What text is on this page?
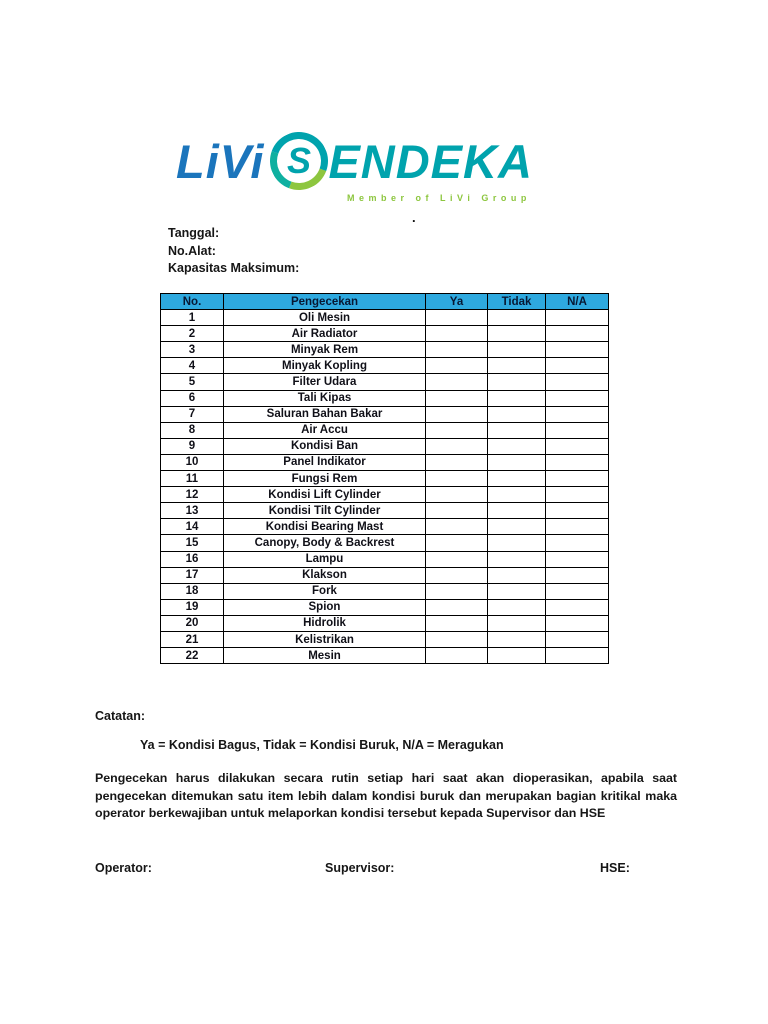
LiVi S ENDEKA
Member of LiVi Group
.
Tanggal:
No.Alat:
Kapasitas Maksimum:
No.	Pengecekan	Ya	Tidak	N/A
1	Oli Mesin			
2	Air Radiator			
3	Minyak Rem			
4	Minyak Kopling			
5	Filter Udara			
6	Tali Kipas			
7	Saluran Bahan Bakar			
8	Air Accu			
9	Kondisi Ban			
10	Panel Indikator			
11	Fungsi Rem			
12	Kondisi Lift Cylinder			
13	Kondisi Tilt Cylinder			
14	Kondisi Bearing Mast			
15	Canopy, Body & Backrest			
16	Lampu			
17	Klakson			
18	Fork			
19	Spion			
20	Hidrolik			
21	Kelistrikan			
22	Mesin			
Catatan:
Ya = Kondisi Bagus, Tidak = Kondisi Buruk, N/A = Meragukan
Pengecekan harus dilakukan secara rutin setiap hari saat akan dioperasikan, apabila saat pengecekan ditemukan satu item lebih dalam kondisi buruk dan merupakan bagian kritikal maka operator berkewajiban untuk melaporkan kondisi tersebut kepada Supervisor dan HSE
Operator:	Supervisor:	HSE:
